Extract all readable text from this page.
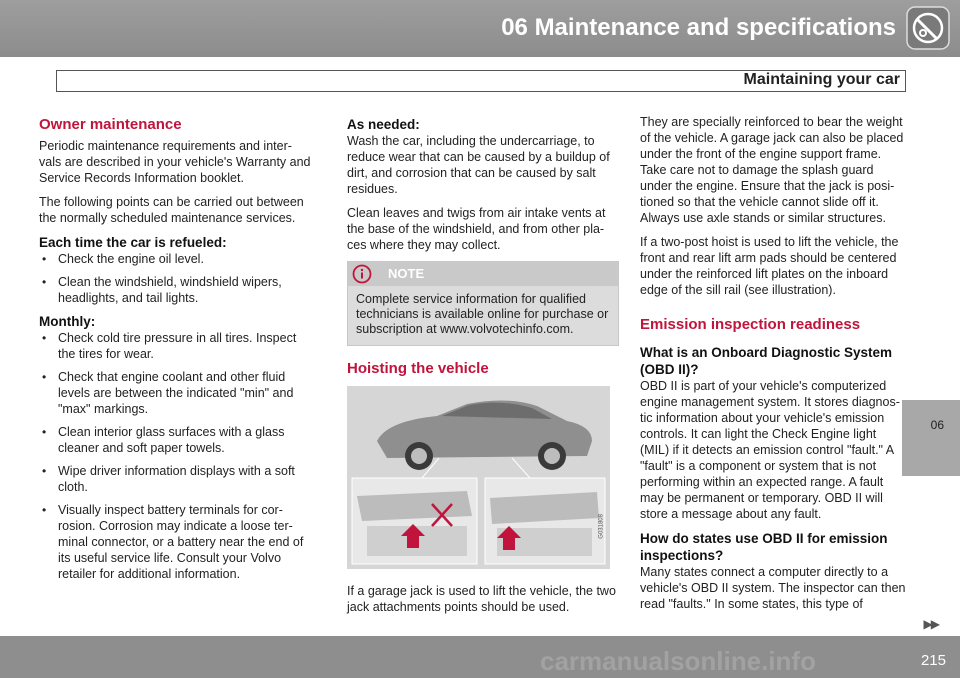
06 Maintenance and specifications
Maintaining your car
Owner maintenance

Periodic maintenance requirements and inter-vals are described in your vehicle's Warranty and Service Records Information booklet.

The following points can be carried out between the normally scheduled maintenance services.

Each time the car is refueled:
• Check the engine oil level.
• Clean the windshield, windshield wipers, headlights, and tail lights.
Monthly:
• Check cold tire pressure in all tires. Inspect the tires for wear.
• Check that engine coolant and other fluid levels are between the indicated "min" and "max" markings.
• Clean interior glass surfaces with a glass cleaner and soft paper towels.
• Wipe driver information displays with a soft cloth.
• Visually inspect battery terminals for cor-rosion. Corrosion may indicate a loose ter-minal connector, or a battery near the end of its useful service life. Consult your Volvo retailer for additional information.
As needed:

Wash the car, including the undercarriage, to reduce wear that can be caused by a buildup of dirt, and corrosion that can be caused by salt residues.

Clean leaves and twigs from air intake vents at the base of the windshield, and from other pla-ces where they may collect.

NOTE
Complete service information for qualified technicians is available online for purchase or subscription at www.volvotechinfo.com.
Hoisting the vehicle
G031808

If a garage jack is used to lift the vehicle, the two jack attachments points should be used.

They are specially reinforced to bear the weight of the vehicle. A garage jack can also be placed under the front of the engine support frame. Take care not to damage the splash guard under the engine. Ensure that the jack is posi-tioned so that the vehicle cannot slide off it. Always use axle stands or similar structures.

If a two-post hoist is used to lift the vehicle, the front and rear lift arm pads should be centered under the reinforced lift plates on the inboard edge of the sill rail (see illustration).

Emission inspection readiness
What is an Onboard Diagnostic System (OBD II)?

OBD II is part of your vehicle's computerized engine management system. It stores diagnos-tic information about your vehicle's emission controls. It can light the Check Engine light (MIL) if it detects an emission control "fault." A "fault" is a component or system that is not performing within an expected range. A fault may be permanent or temporary. OBD II will store a message about any fault.

How do states use OBD II for emission inspections?

Many states connect a computer directly to a vehicle's OBD II system. The inspector can then read "faults." In some states, this type of

06
▶▶
carmanualsonline.info	215
